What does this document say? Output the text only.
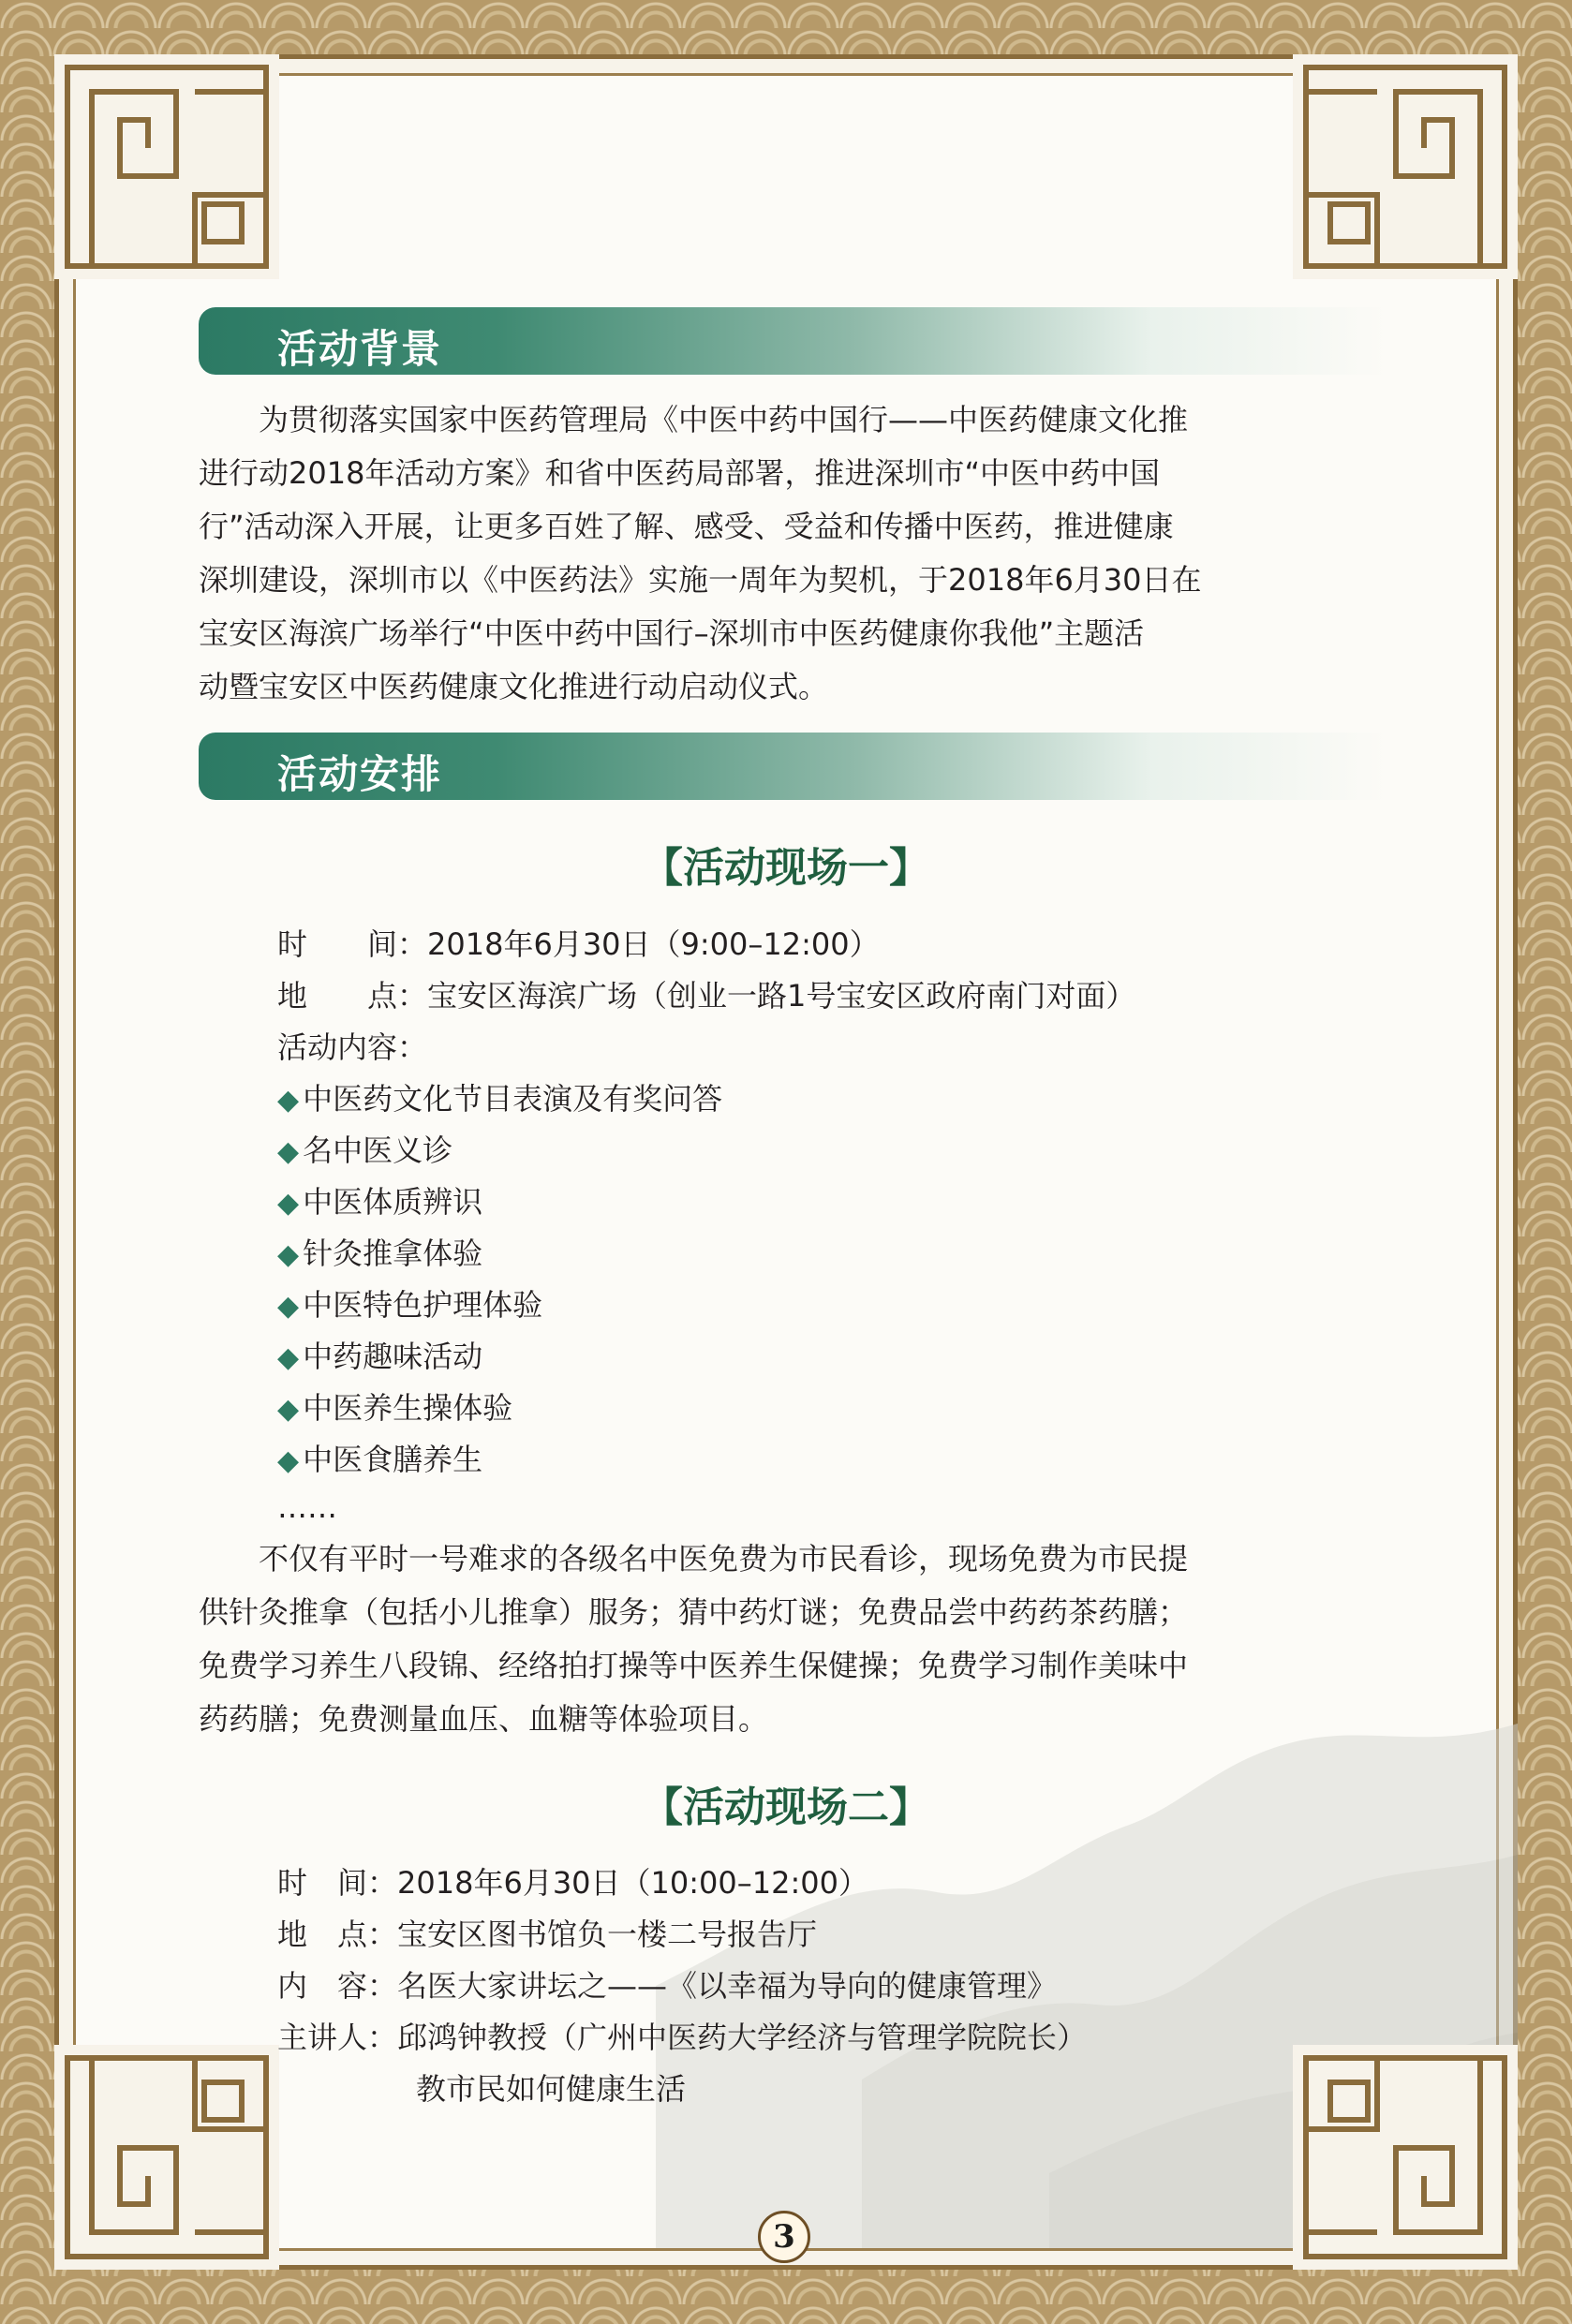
活动背景
为贯彻落实国家中医药管理局《中医中药中国行——中医药健康文化推
进行动2018年活动方案》和省中医药局部署，推进深圳市“中医中药中国
行”活动深入开展，让更多百姓了解、感受、受益和传播中医药，推进健康
深圳建设，深圳市以《中医药法》实施一周年为契机，于2018年6月30日在
宝安区海滨广场举行“中医中药中国行–深圳市中医药健康你我他”主题活
动暨宝安区中医药健康文化推进行动启动仪式。
活动安排
【活动现场一】
时　　间：2018年6月30日（9:00–12:00）
地　　点：宝安区海滨广场（创业一路1号宝安区政府南门对面）
活动内容：
◆ 中医药文化节目表演及有奖问答
◆ 名中医义诊
◆ 中医体质辨识
◆ 针灸推拿体验
◆ 中医特色护理体验
◆ 中药趣味活动
◆ 中医养生操体验
◆ 中医食膳养生
……
不仅有平时一号难求的各级名中医免费为市民看诊，现场免费为市民提
供针灸推拿（包括小儿推拿）服务；猜中药灯谜；免费品尝中药药茶药膳；
免费学习养生八段锦、经络拍打操等中医养生保健操；免费学习制作美味中
药药膳；免费测量血压、血糖等体验项目。
【活动现场二】
时　间：2018年6月30日（10:00–12:00）
地　点：宝安区图书馆负一楼二号报告厅
内　容：名医大家讲坛之——《以幸福为导向的健康管理》
主讲人：邱鸿钟教授（广州中医药大学经济与管理学院院长）
教市民如何健康生活
3
